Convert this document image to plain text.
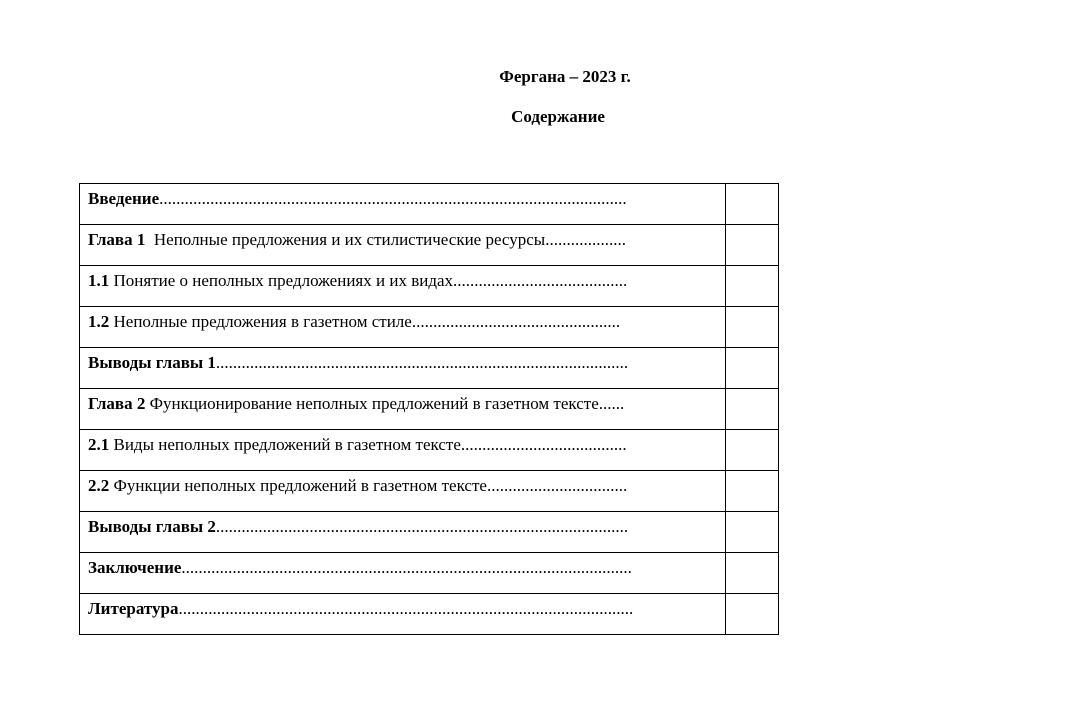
Фергана – 2023 г.
Содержание
Введение..............................................................................................................	

Глава 1  Неполные предложения и их стилистические ресурсы...................	

1.1 Понятие о неполных предложениях и их видах.........................................	

1.2 Неполные предложения в газетном стиле.................................................	

Выводы главы 1.................................................................................................	

Глава 2 Функционирование неполных предложений в газетном тексте......	

2.1 Виды неполных предложений в газетном тексте.......................................	

2.2 Функции неполных предложений в газетном тексте.................................	

Выводы главы 2.................................................................................................	

Заключение..........................................................................................................	

Литература...........................................................................................................	
